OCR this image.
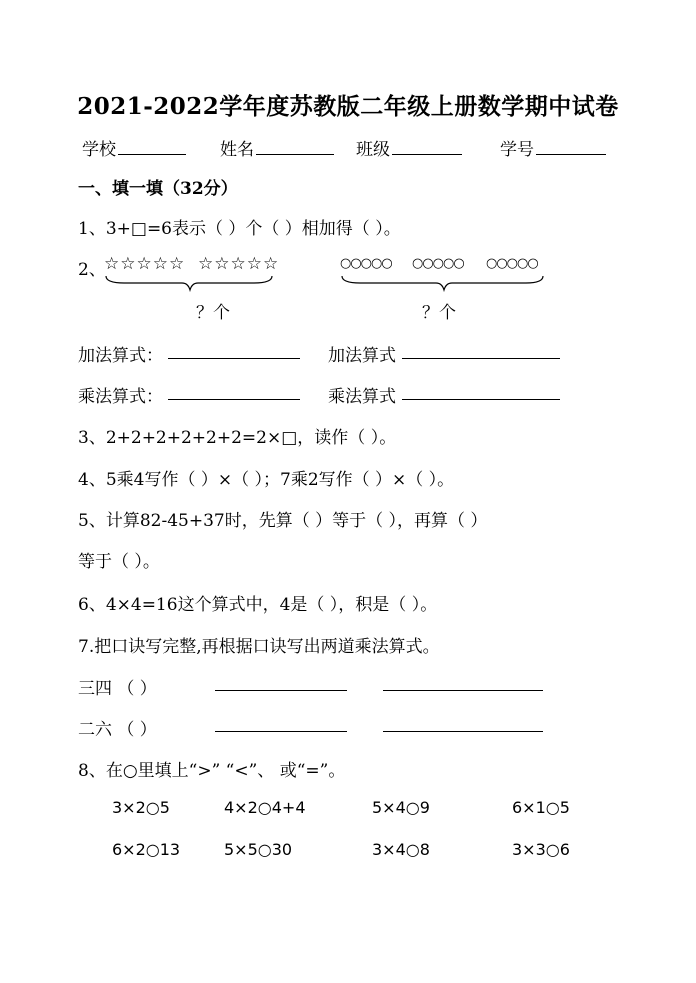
2021-2022学年度苏教版二年级上册数学期中试卷
学校	姓名	班级	学号
一、填一填（32分）
1、3+□=6表示（ ）个（ ）相加得（ ）。
2、
☆☆☆☆☆ ☆☆☆☆☆	○○○○○ ○○○○○ ○○○○○
？个	？个
加法算式：	加法算式
乘法算式：	乘法算式
3、2+2+2+2+2+2=2×□，读作（ ）。
4、5乘4写作（ ）×（ ）；7乘2写作（ ）×（ ）。
5、计算82-45+37时，先算（ ）等于（ ），再算（ ）
等于（ ）。
6、4×4=16这个算式中，4是（ ），积是（ ）。
7.把口诀写完整,再根据口诀写出两道乘法算式。
三四 （ ）
二六 （ ）
8、在○里填上“>” “<”、 或“=”。
3×2○5	4×2○4+4	5×4○9	6×1○5
6×2○13	5×5○30	3×4○8	3×3○6
